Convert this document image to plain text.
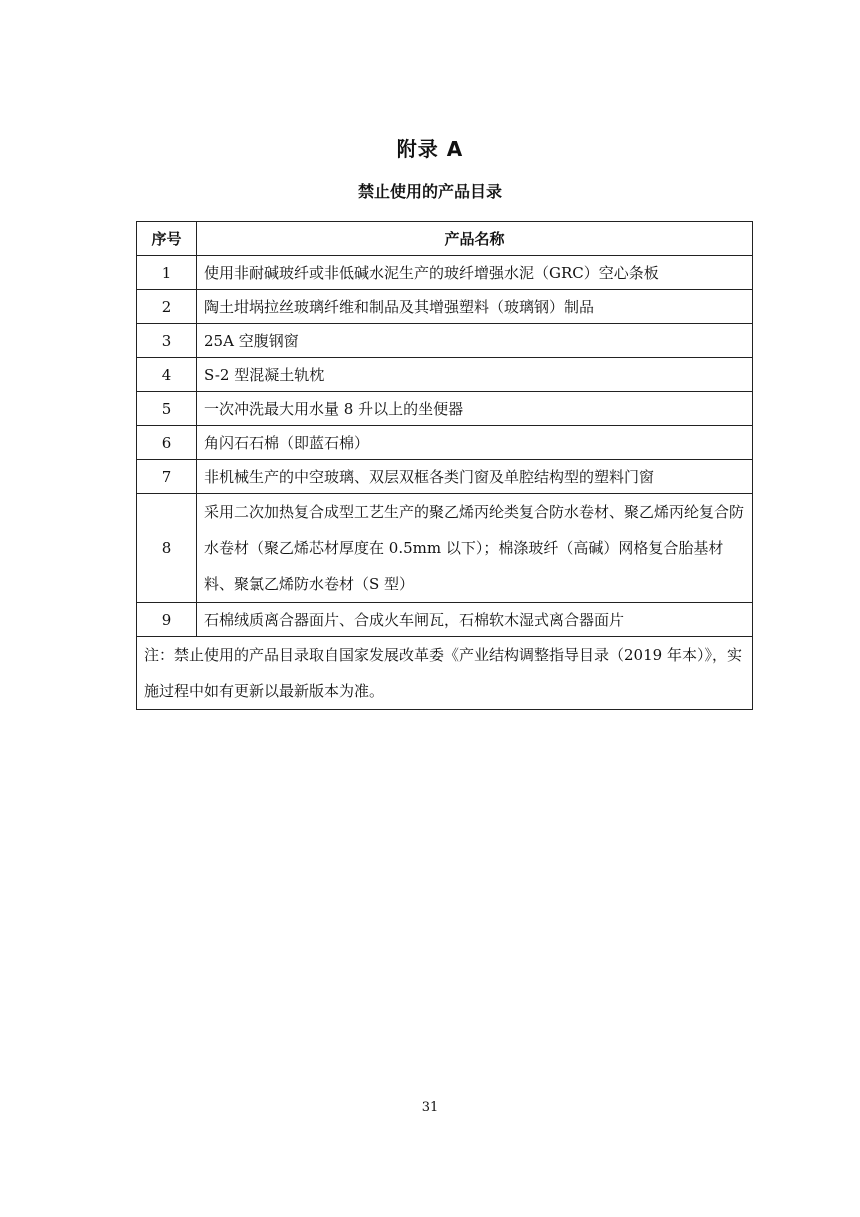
附录 A
禁止使用的产品目录
序号	产品名称
1	使用非耐碱玻纤或非低碱水泥生产的玻纤增强水泥（GRC）空心条板
2	陶土坩埚拉丝玻璃纤维和制品及其增强塑料（玻璃钢）制品
3	25A 空腹钢窗
4	S-2 型混凝土轨枕
5	一次冲洗最大用水量 8 升以上的坐便器
6	角闪石石棉（即蓝石棉）
7	非机械生产的中空玻璃、双层双框各类门窗及单腔结构型的塑料门窗
8	采用二次加热复合成型工艺生产的聚乙烯丙纶类复合防水卷材、聚乙烯丙纶复合防水卷材（聚乙烯芯材厚度在 0.5mm 以下）；棉涤玻纤（高碱）网格复合胎基材料、聚氯乙烯防水卷材（S 型）
9	石棉绒质离合器面片、合成火车闸瓦，石棉软木湿式离合器面片
注：禁止使用的产品目录取自国家发展改革委《产业结构调整指导目录（2019 年本）》，实施过程中如有更新以最新版本为准。	
31
